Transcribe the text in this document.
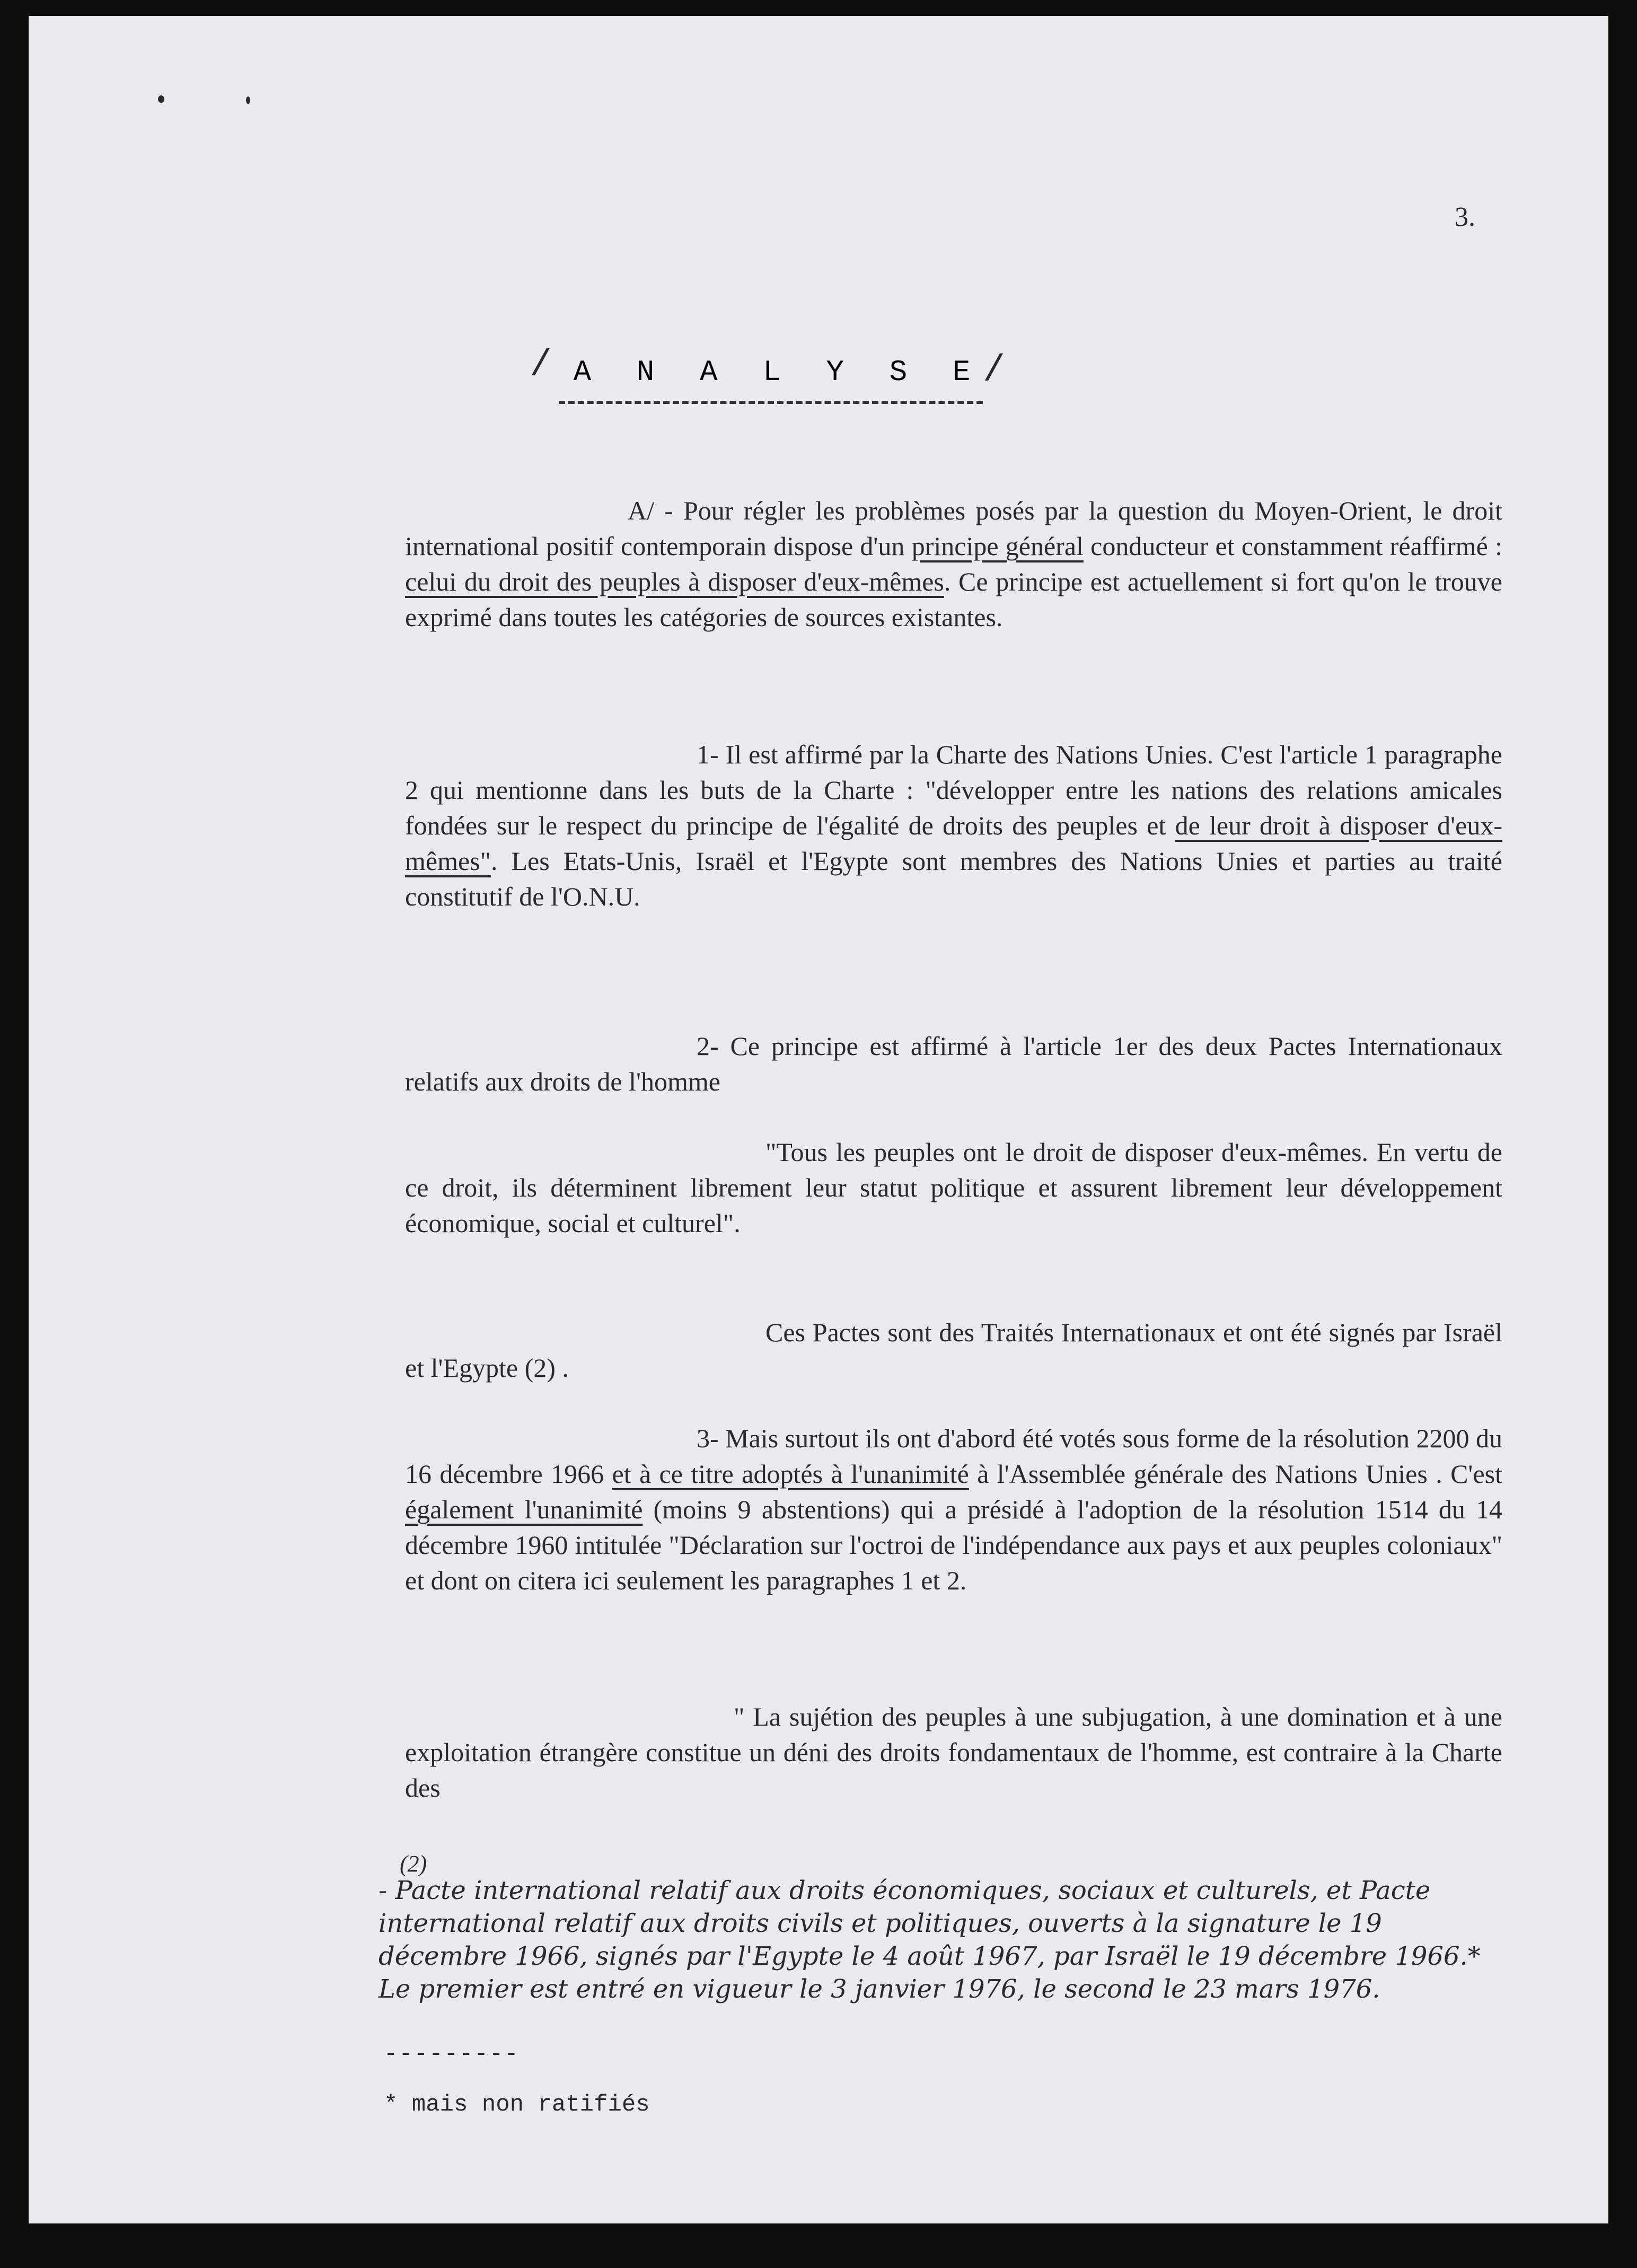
3.
/ A N A L Y S E
/

A/ - Pour régler les problèmes posés par la question du Moyen-Orient, le droit international positif contemporain dispose d'un principe général conducteur et constamment réaffirmé : celui du droit des peuples à disposer d'eux-mêmes. Ce principe est actuellement si fort qu'on le trouve exprimé dans toutes les catégories de sources existantes.

1- Il est affirmé par la Charte des Nations Unies. C'est l'article 1 paragraphe 2 qui mentionne dans les buts de la Charte : "développer entre les nations des relations amicales fondées sur le respect du principe de l'égalité de droits des peuples et de leur droit à disposer d'eux-mêmes". Les Etats-Unis, Israël et l'Egypte sont membres des Nations Unies et parties au traité constitutif de l'O.N.U.

2- Ce principe est affirmé à l'article 1er des deux Pactes Internationaux relatifs aux droits de l'homme

"Tous les peuples ont le droit de disposer d'eux-mêmes. En vertu de ce droit, ils déterminent librement leur statut politique et assurent librement leur développement économique, social et culturel".

Ces Pactes sont des Traités Internationaux et ont été signés par Israël et l'Egypte (2) .

3- Mais surtout ils ont d'abord été votés sous forme de la résolution 2200 du 16 décembre 1966 et à ce titre adoptés à l'unanimité à l'Assemblée générale des Nations Unies . C'est également l'unanimité (moins 9 abstentions) qui a présidé à l'adoption de la résolution 1514 du 14 décembre 1960 intitulée "Déclaration sur l'octroi de l'indépendance aux pays et aux peuples coloniaux" et dont on citera ici seulement les paragraphes 1 et 2.

" La sujétion des peuples à une subjugation, à une domination et à une exploitation étrangère constitue un déni des droits fondamentaux de l'homme, est contraire à la Charte des

(2)
- Pacte international relatif aux droits économiques, sociaux et culturels, et Pacte international relatif aux droits civils et politiques, ouverts à la signature le 19 décembre 1966, signés par l'Egypte le 4 août 1967, par Israël le 19 décembre 1966.* Le premier est entré en vigueur le 3 janvier 1976, le second le 23 mars 1976.
---------
* mais non ratifiés
